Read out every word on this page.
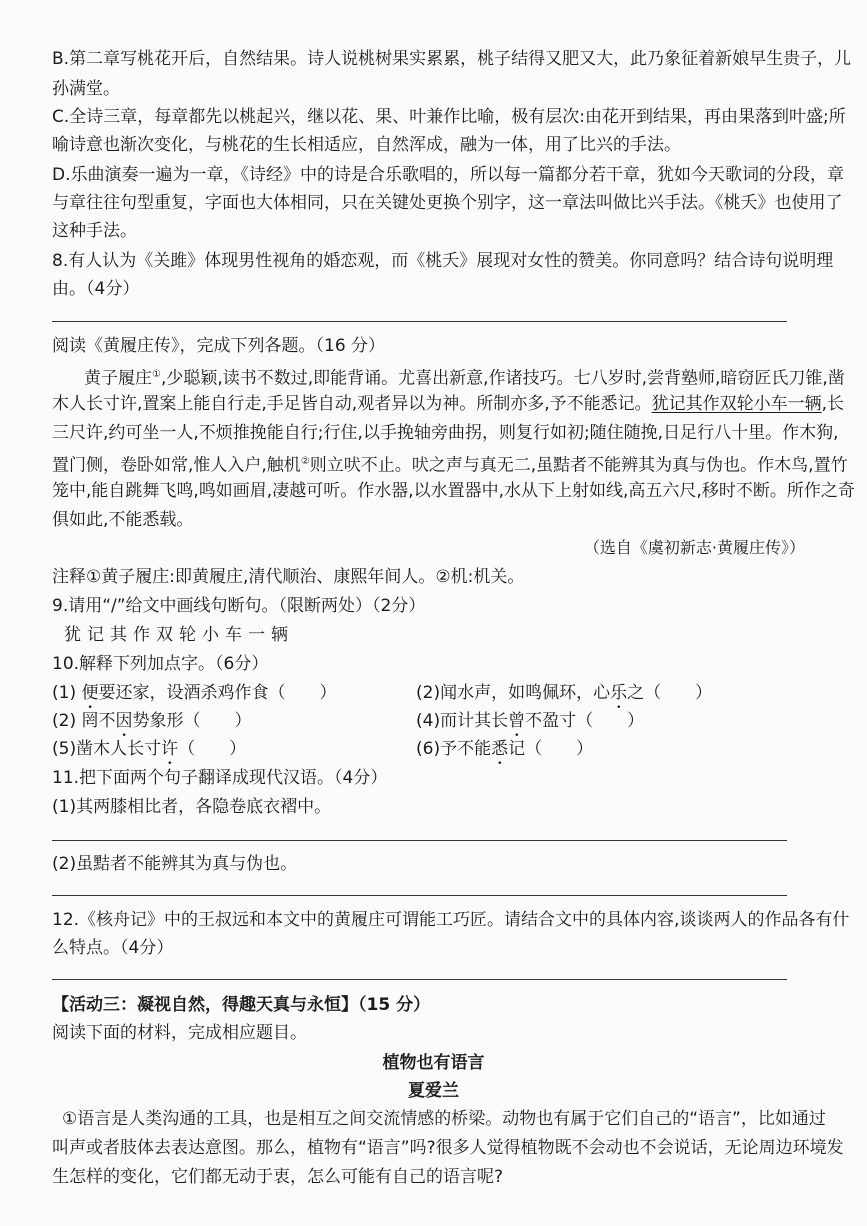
B.第二章写桃花开后，自然结果。诗人说桃树果实累累，桃子结得又肥又大，此乃象征着新娘早生贵子，儿
孙满堂。
C.全诗三章，每章都先以桃起兴，继以花、果、叶兼作比喻，极有层次:由花开到结果，再由果落到叶盛;所
喻诗意也渐次变化，与桃花的生长相适应，自然浑成，融为一体，用了比兴的手法。
D.乐曲演奏一遍为一章，《诗经》中的诗是合乐歌唱的，所以每一篇都分若干章，犹如今天歌词的分段，章
与章往往句型重复，字面也大体相同，只在关键处更换个别字，这一章法叫做比兴手法。《桃夭》也使用了
这种手法。
8.有人认为《关雎》体现男性视角的婚恋观，而《桃夭》展现对女性的赞美。你同意吗？结合诗句说明理
由。（4分）
阅读《黄履庄传》，完成下列各题。（16 分）
黄子履庄①,少聪颖,读书不数过,即能背诵。尤喜出新意,作诸技巧。七八岁时,尝背塾师,暗窃匠氏刀锥,凿
木人长寸许,置案上能自行走,手足皆自动,观者异以为神。所制亦多,予不能悉记。犹记其作双轮小车一辆,长
三尺许,约可坐一人,不烦推挽能自行;行住,以手挽轴旁曲拐，则复行如初;随住随挽,日足行八十里。作木狗,
置门侧，卷卧如常,惟人入户,触机②则立吠不止。吠之声与真无二,虽黠者不能辨其为真与伪也。作木鸟,置竹
笼中,能自跳舞飞鸣,鸣如画眉,凄越可听。作水器,以水置器中,水从下上射如线,高五六尺,移时不断。所作之奇
俱如此,不能悉载。
（选自《虞初新志·黄履庄传》）
注释①黄子履庄:即黄履庄,清代顺治、康熙年间人。②机:机关。
9.请用“/”给文中画线句断句。（限断两处）（2分）
犹记其作双轮小车一辆
10.解释下列加点字。（6分）
(1) 便要还家，设酒杀鸡作食（　　）	(2)闻水声，如鸣佩环，心乐之（　　）
(2) 罔不因势象形（　　）	(4)而计其长曾不盈寸（　　）
(5)凿木人长寸许（　　）	(6)予不能悉记（　　）
11.把下面两个句子翻译成现代汉语。（4分）
(1)其两膝相比者，各隐卷底衣褶中。
(2)虽黠者不能辨其为真与伪也。
12.《核舟记》中的王叔远和本文中的黄履庄可谓能工巧匠。请结合文中的具体内容,谈谈两人的作品各有什
么特点。（4分）
【活动三：凝视自然，得趣天真与永恒】（15 分）
阅读下面的材料，完成相应题目。
植物也有语言
夏爱兰
①语言是人类沟通的工具，也是相互之间交流情感的桥梁。动物也有属于它们自己的“语言”，比如通过
叫声或者肢体去表达意图。那么，植物有“语言”吗?很多人觉得植物既不会动也不会说话，无论周边环境发
生怎样的变化，它们都无动于衷，怎么可能有自己的语言呢?
